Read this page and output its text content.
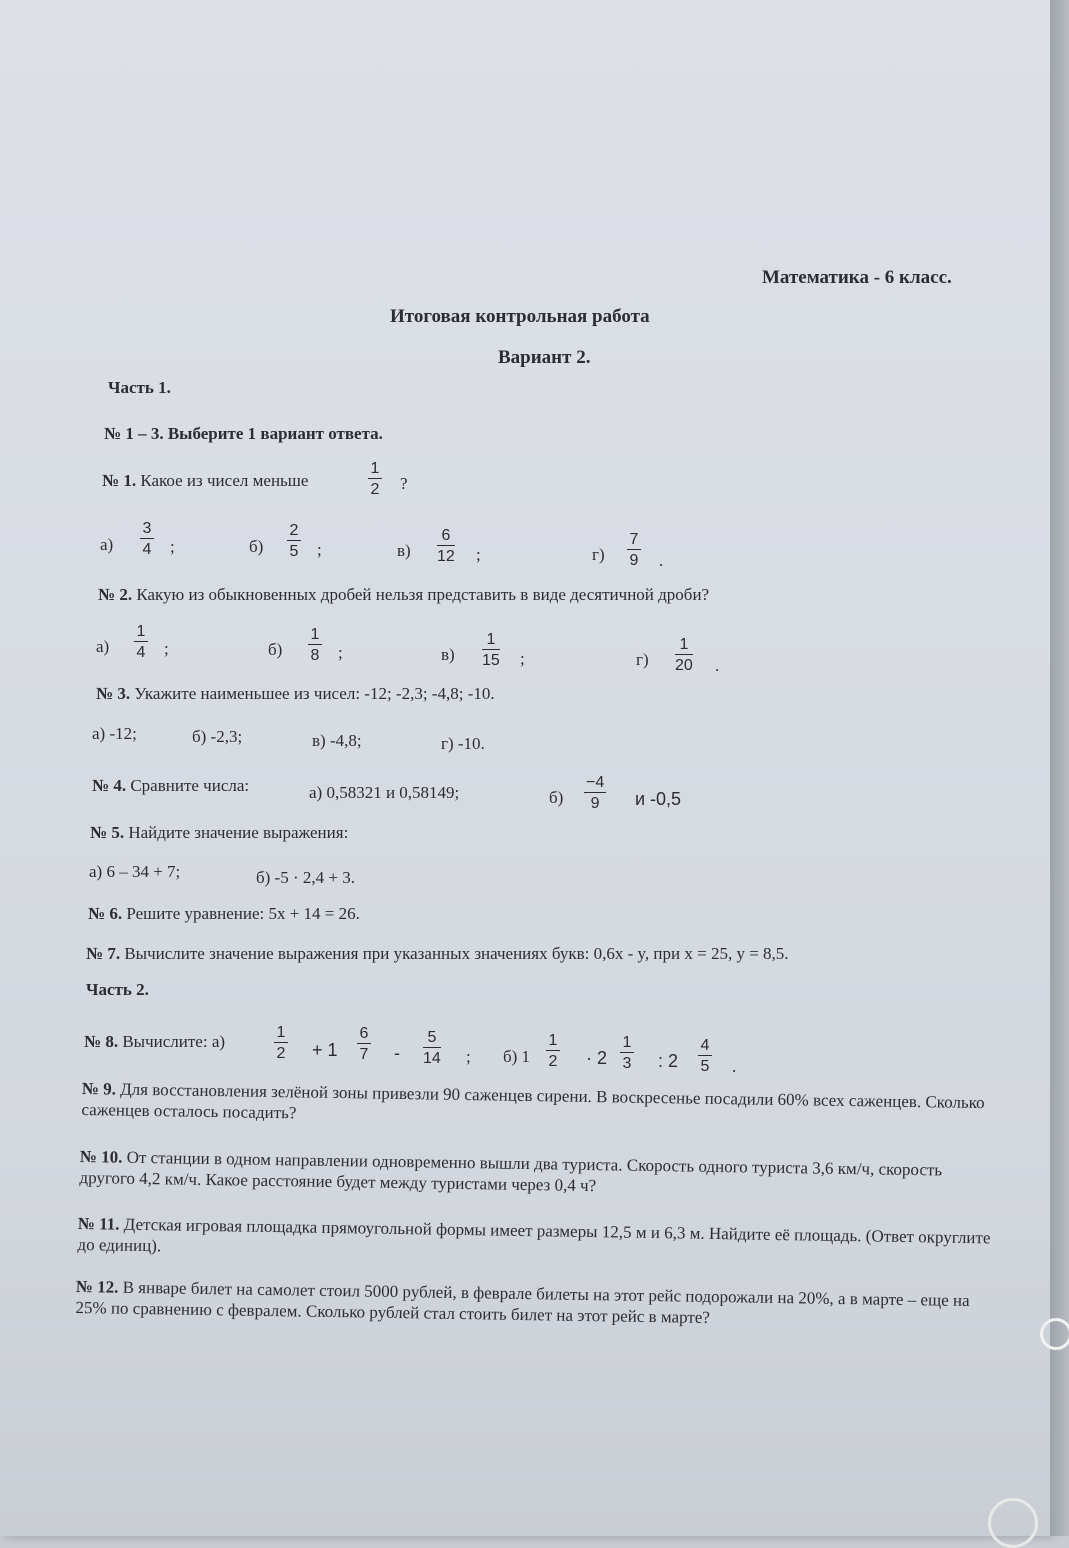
Математика - 6 класс.
Итоговая контрольная работа
Вариант 2.
Часть 1.
№ 1 – 3. Выберите 1 вариант ответа.
№ 1. Какое из чисел меньше
1
2 ?
а)
3
4 ;	б)
2
5 ;	в)
6
12 ;	г)
7
9 .
№ 2. Какую из обыкновенных дробей нельзя представить в виде десятичной дроби?
а)
1
4 ;	б)
1
8 ;	в)
1
15 ;	г)
1
20 .
№ 3. Укажите наименьшее из чисел: -12; -2,3; -4,8; -10.
а) -12;	б) -2,3;	в) -4,8;	г) -10.
№ 4. Сравните числа:	а) 0,58321 и 0,58149;	б)
−4
9 и -0,5
№ 5. Найдите значение выражения:
а) 6 – 34 + 7;	б) -5 · 2,4 + 3.
№ 6. Решите уравнение: 5x + 14 = 26.
№ 7. Вычислите значение выражения при указанных значениях букв: 0,6x - y, при x = 25, y = 8,5.
Часть 2.
№ 8. Вычислите: а)	1
2 + 1
6
7 -
5
14 ; б) 1
1
2 · 2
1
3 : 2
4
5 .
№ 9. Для восстановления зелёной зоны привезли 90 саженцев сирени. В воскресенье посадили 60% всех саженцев. Сколько саженцев осталось посадить?
№ 10. От станции в одном направлении одновременно вышли два туриста. Скорость одного туриста 3,6 км/ч, скорость другого 4,2 км/ч. Какое расстояние будет между туристами через 0,4 ч?
№ 11. Детская игровая площадка прямоугольной формы имеет размеры 12,5 м и 6,3 м. Найдите её площадь. (Ответ округлите до единиц).
№ 12. В январе билет на самолет стоил 5000 рублей, в феврале билеты на этот рейс подорожали на 20%, а в марте – еще на 25% по сравнению с февралем. Сколько рублей стал стоить билет на этот рейс в марте?
